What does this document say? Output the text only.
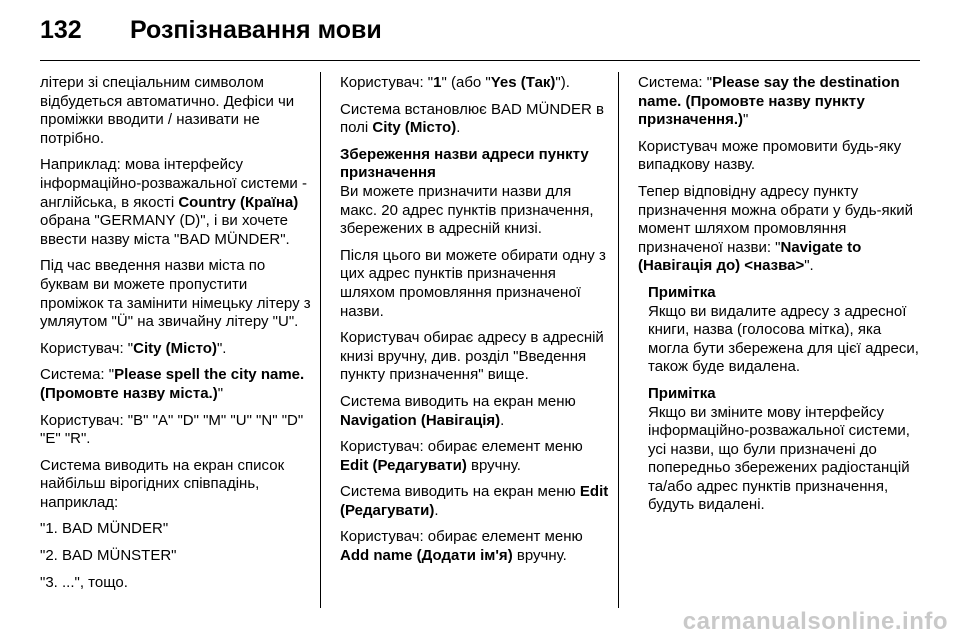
132 Розпізнавання мови

літери зі спеціальним символом відбудеться автоматично. Дефіси чи проміжки вводити / називати не потрібно.

Наприклад: мова інтерфейсу інформаційно-розважальної системи - англійська, в якості Country (Країна) обрана "GERMANY (D)", і ви хочете ввести назву міста "BAD MÜNDER".

Під час введення назви міста по буквам ви можете пропустити проміжок та замінити німецьку літеру з умляутом "Ü" на звичайну літеру "U".

Користувач: "City (Місто)".

Система: "Please spell the city name. (Промовте назву міста.)"

Користувач: "B" "A" "D" "M" "U" "N" "D" "E" "R".

Система виводить на екран список найбільш вірогідних співпадінь, наприклад:

"1. BAD MÜNDER"

"2. BAD MÜNSTER"

"3. ...", тощо.

Користувач: "1" (або "Yes (Так)").

Система встановлює BAD MÜNDER в полі City (Місто).

Збереження назви адреси пункту призначення

Ви можете призначити назви для макс. 20 адрес пунктів призначення, збережених в адресній книзі.

Після цього ви можете обирати одну з цих адрес пунктів призначення шляхом промовляння призначеної назви.

Користувач обирає адресу в адресній книзі вручну, див. розділ "Введення пункту призначення" вище.

Система виводить на екран меню Navigation (Навігація).

Користувач: обирає елемент меню Edit (Редагувати) вручну.

Система виводить на екран меню Edit (Редагувати).

Користувач: обирає елемент меню Add name (Додати ім'я) вручну.

Система: "Please say the destination name. (Промовте назву пункту призначення.)"

Користувач може промовити будь-яку випадкову назву.

Тепер відповідну адресу пункту призначення можна обрати у будь-який момент шляхом промовляння призначеної назви: "Navigate to (Навігація до) <назва>".

Примітка

Якщо ви видалите адресу з адресної книги, назва (голосова мітка), яка могла бути збережена для цієї адреси, також буде видалена.

Примітка

Якщо ви зміните мову інтерфейсу інформаційно-розважальної системи, усі назви, що були призначені до попередньо збережених радіостанцій та/або адрес пунктів призначення, будуть видалені.

carmanualsonline.info
